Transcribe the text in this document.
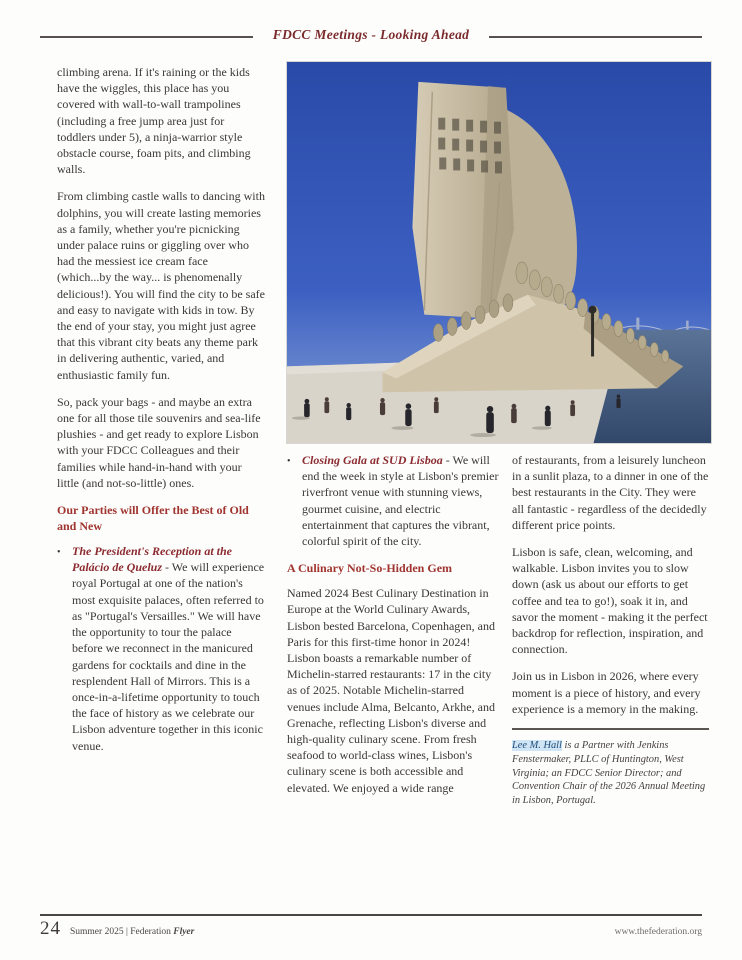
FDCC Meetings - Looking Ahead

climbing arena. If it's raining or the kids have the wiggles, this place has you covered with wall-to-wall trampolines (including a free jump area just for toddlers under 5), a ninja-warrior style obstacle course, foam pits, and climbing walls.

From climbing castle walls to dancing with dolphins, you will create lasting memories as a family, whether you're picnicking under palace ruins or giggling over who had the messiest ice cream face (which...by the way... is phenomenally delicious!). You will find the city to be safe and easy to navigate with kids in tow. By the end of your stay, you might just agree that this vibrant city beats any theme park in delivering authentic, varied, and enthusiastic family fun.

So, pack your bags - and maybe an extra one for all those tile souvenirs and sea-life plushies - and get ready to explore Lisbon with your FDCC Colleagues and their families while hand-in-hand with your little (and not-so-little) ones.

Our Parties will Offer the Best of Old and New
• The President's Reception at the Palácio de Queluz - We will experience royal Portugal at one of the nation's most exquisite palaces, often referred to as "Portugal's Versailles." We will have the opportunity to tour the palace before we reconnect in the manicured gardens for cocktails and dine in the resplendent Hall of Mirrors. This is a once-in-a-lifetime opportunity to touch the face of history as we celebrate our Lisbon adventure together in this iconic venue.
• Closing Gala at SUD Lisboa - We will end the week in style at Lisbon's premier riverfront venue with stunning views, gourmet cuisine, and electric entertainment that captures the vibrant, colorful spirit of the city.
A Culinary Not-So-Hidden Gem

Named 2024 Best Culinary Destination in Europe at the World Culinary Awards, Lisbon bested Barcelona, Copenhagen, and Paris for this first-time honor in 2024! Lisbon boasts a remarkable number of Michelin-starred restaurants: 17 in the city as of 2025. Notable Michelin-starred venues include Alma, Belcanto, Arkhe, and Grenache, reflecting Lisbon's diverse and high-quality culinary scene. From fresh seafood to world-class wines, Lisbon's culinary scene is both accessible and elevated. We enjoyed a wide range

of restaurants, from a leisurely luncheon in a sunlit plaza, to a dinner in one of the best restaurants in the City. They were all fantastic - regardless of the decidedly different price points.

Lisbon is safe, clean, welcoming, and walkable. Lisbon invites you to slow down (ask us about our efforts to get coffee and tea to go!), soak it in, and savor the moment - making it the perfect backdrop for reflection, inspiration, and connection.

Join us in Lisbon in 2026, where every moment is a piece of history, and every experience is a memory in the making.

Lee M. Hall is a Partner with Jenkins Fenstermaker, PLLC of Huntington, West Virginia; an FDCC Senior Director; and Convention Chair of the 2026 Annual Meeting in Lisbon, Portugal.
24 Summer 2025 | Federation Flyer	www.thefederation.org
